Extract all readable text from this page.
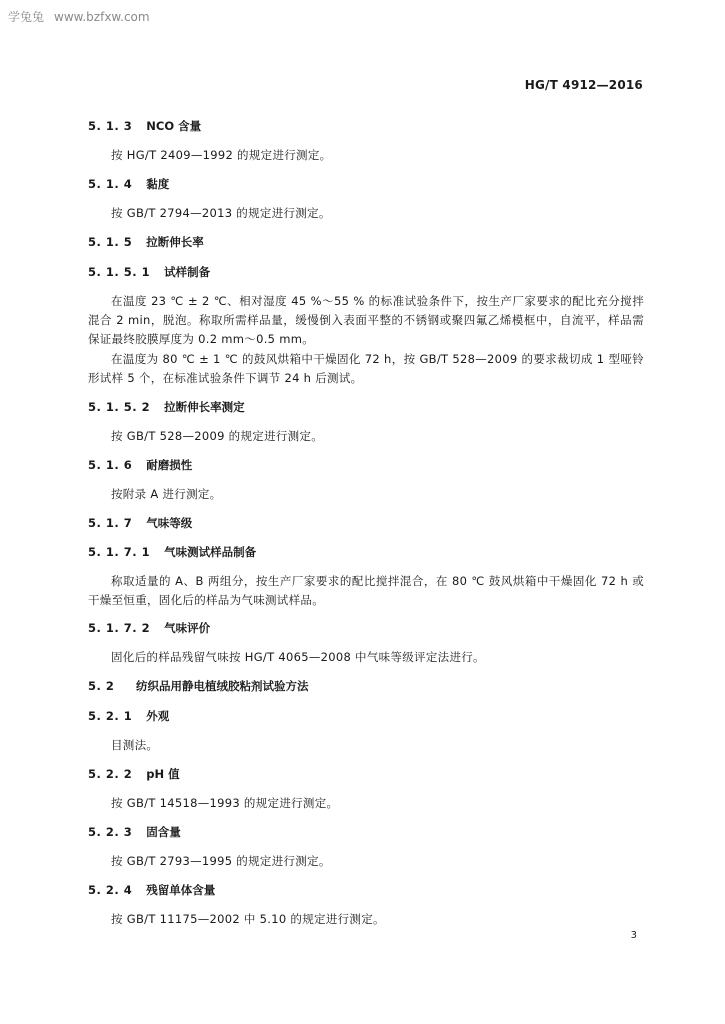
学兔兔 www.bzfxw.com
HG/T 4912—2016
5. 1. 3 NCO 含量
按 HG/T 2409—1992 的规定进行测定。
5. 1. 4 黏度
按 GB/T 2794—2013 的规定进行测定。
5. 1. 5 拉断伸长率
5. 1. 5. 1 试样制备
在温度 23 ℃ ± 2 ℃、相对湿度 45 %～55 % 的标准试验条件下，按生产厂家要求的配比充分搅拌混合 2 min，脱泡。称取所需样品量，缓慢倒入表面平整的不锈钢或聚四氟乙烯模框中，自流平，样品需保证最终胶膜厚度为 0.2 mm～0.5 mm。
在温度为 80 ℃ ± 1 ℃ 的鼓风烘箱中干燥固化 72 h，按 GB/T 528—2009 的要求裁切成 1 型哑铃形试样 5 个，在标准试验条件下调节 24 h 后测试。
5. 1. 5. 2 拉断伸长率测定
按 GB/T 528—2009 的规定进行测定。
5. 1. 6 耐磨损性
按附录 A 进行测定。
5. 1. 7 气味等级
5. 1. 7. 1 气味测试样品制备
称取适量的 A、B 两组分，按生产厂家要求的配比搅拌混合，在 80 ℃ 鼓风烘箱中干燥固化 72 h 或干燥至恒重，固化后的样品为气味测试样品。
5. 1. 7. 2 气味评价
固化后的样品残留气味按 HG/T 4065—2008 中气味等级评定法进行。
5. 2 纺织品用静电植绒胶粘剂试验方法
5. 2. 1 外观
目测法。
5. 2. 2 pH 值
按 GB/T 14518—1993 的规定进行测定。
5. 2. 3 固含量
按 GB/T 2793—1995 的规定进行测定。
5. 2. 4 残留单体含量
按 GB/T 11175—2002 中 5.10 的规定进行测定。
3
